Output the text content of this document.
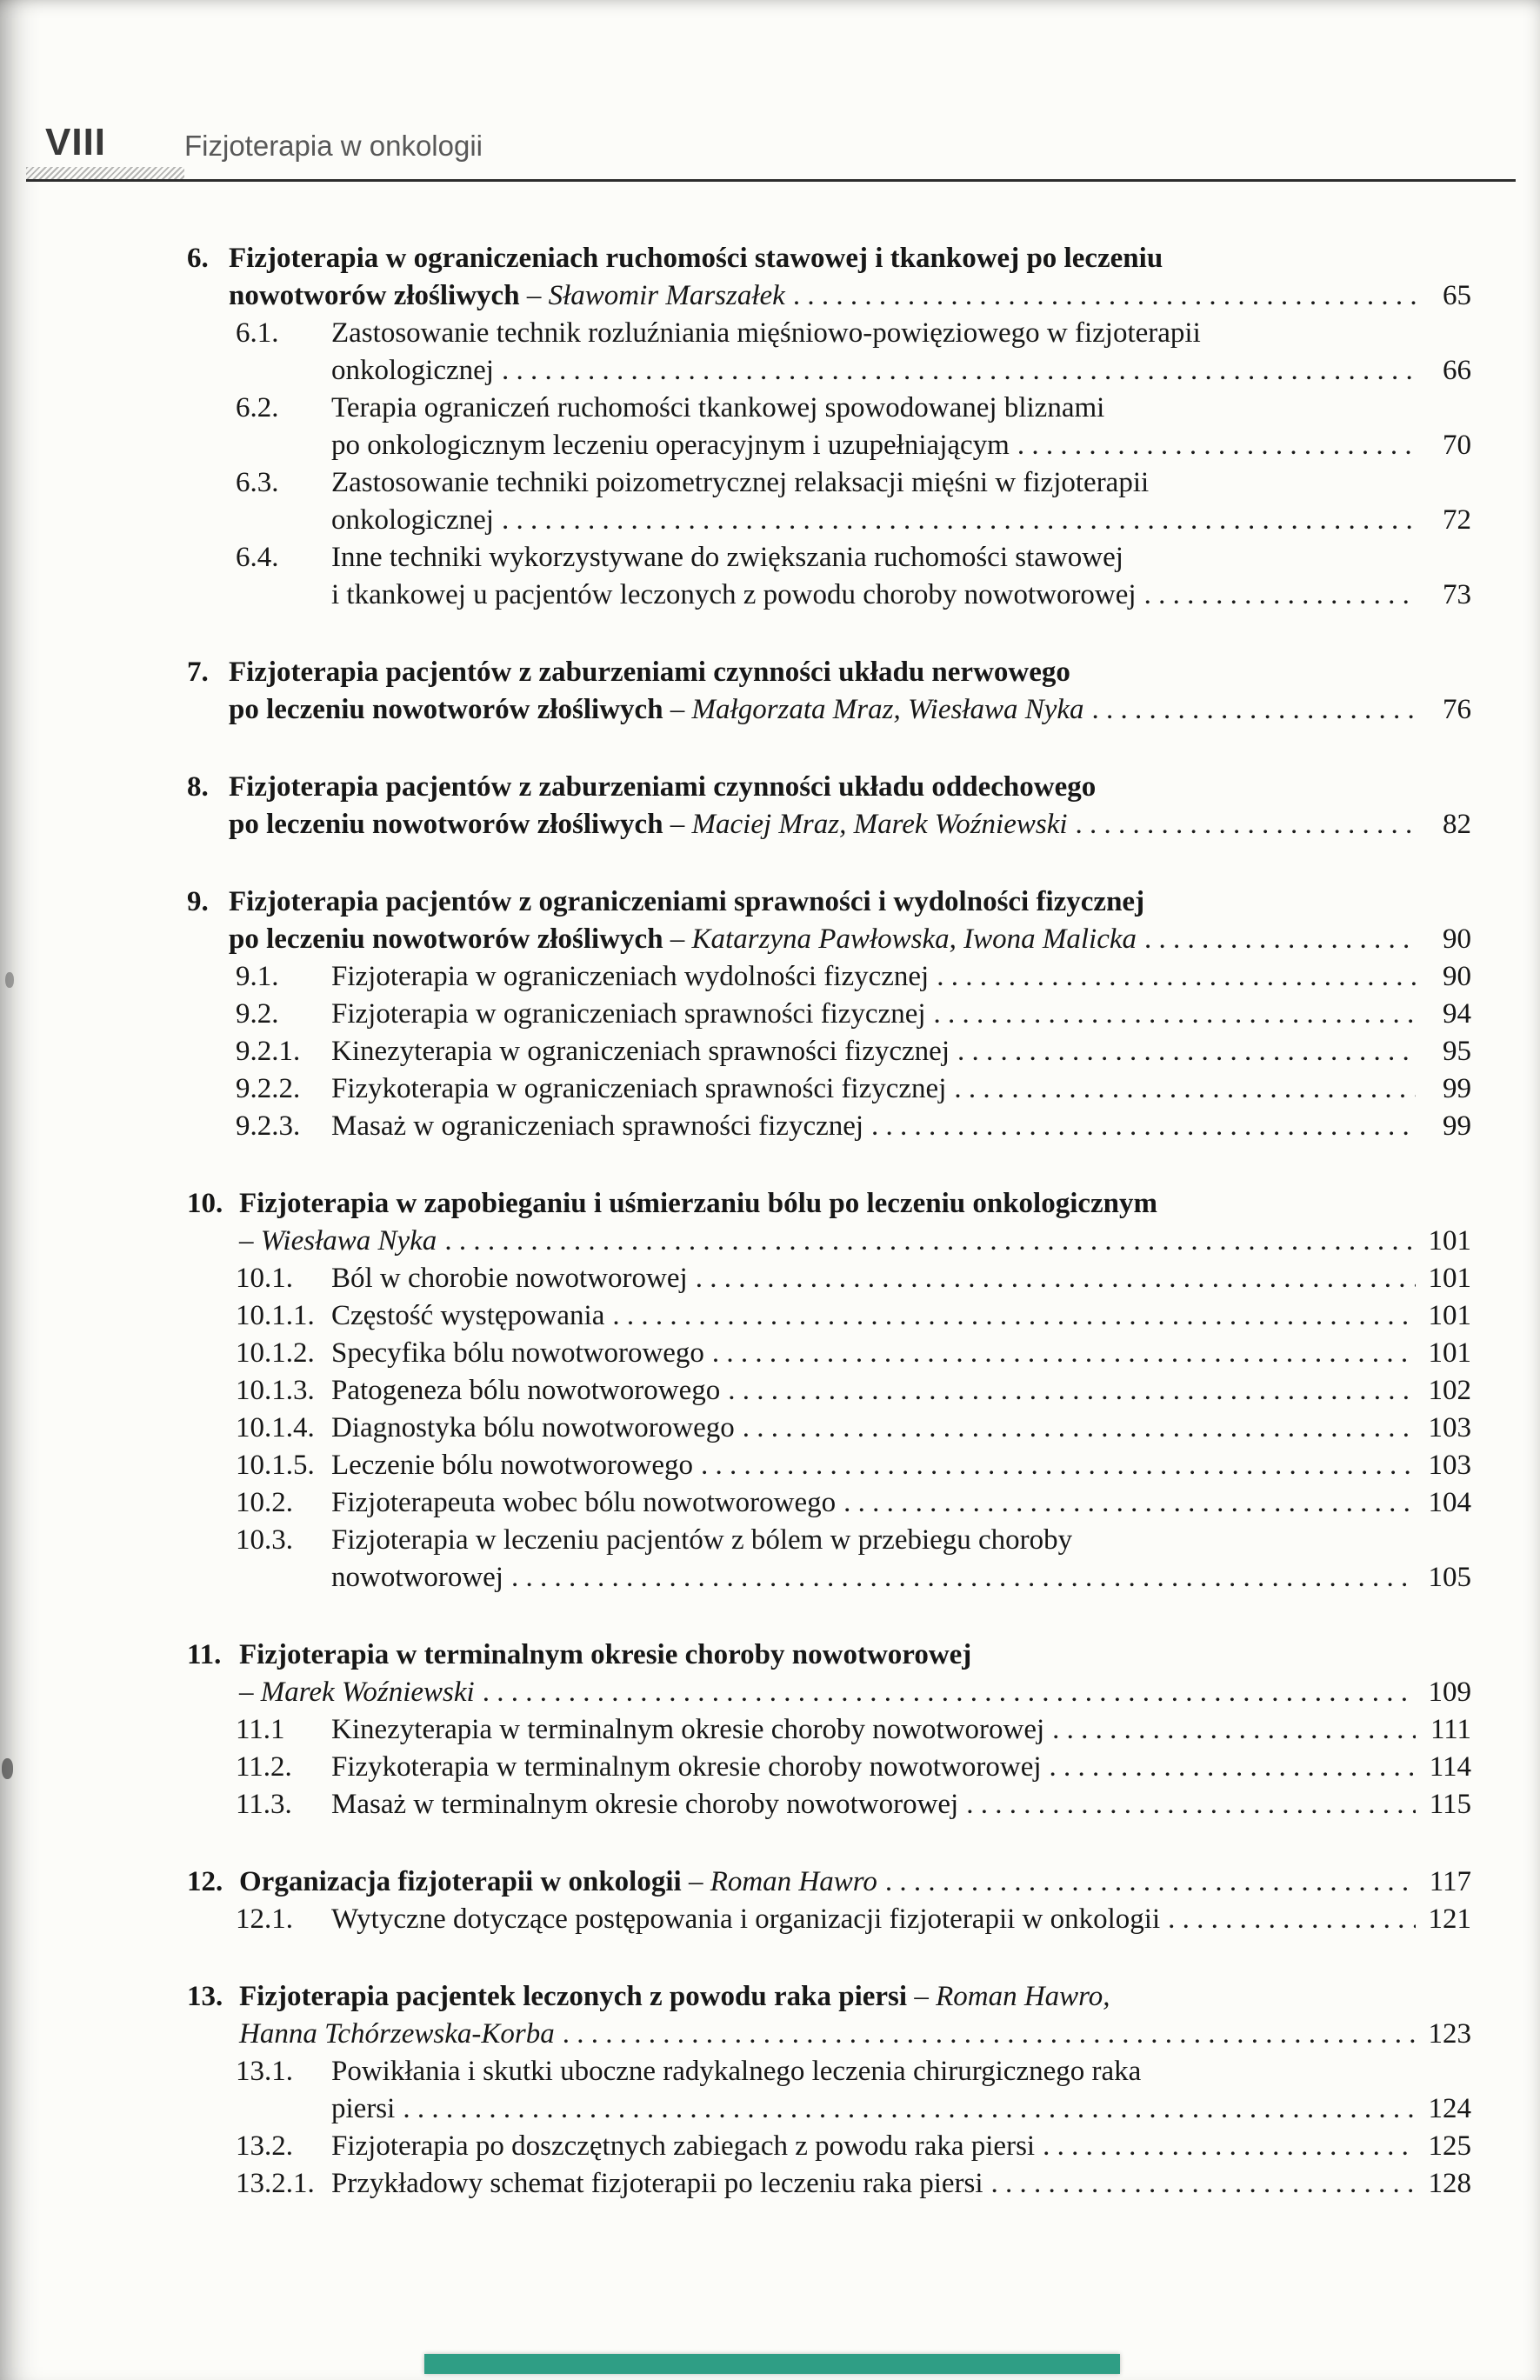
VIII	Fizjoterapia w onkologii
6. Fizjoterapia w ograniczeniach ruchomości stawowej i tkankowej po leczeniu
nowotworów złośliwych – Sławomir Marszałek . . .	65
6.1.	Zastosowanie technik rozluźniania mięśniowo-powięziowego w fizjoterapii
onkologicznej . . .	66
6.2.	Terapia ograniczeń ruchomości tkankowej spowodowanej bliznami
po onkologicznym leczeniu operacyjnym i uzupełniającym . . .	70
6.3.	Zastosowanie techniki poizometrycznej relaksacji mięśni w fizjoterapii
onkologicznej . . .	72
6.4.	Inne techniki wykorzystywane do zwiększania ruchomości stawowej
i tkankowej u pacjentów leczonych z powodu choroby nowotworowej . . .	73
7. Fizjoterapia pacjentów z zaburzeniami czynności układu nerwowego
po leczeniu nowotworów złośliwych – Małgorzata Mraz, Wiesława Nyka . . .	76
8. Fizjoterapia pacjentów z zaburzeniami czynności układu oddechowego
po leczeniu nowotworów złośliwych – Maciej Mraz, Marek Woźniewski . . .	82
9. Fizjoterapia pacjentów z ograniczeniami sprawności i wydolności fizycznej
po leczeniu nowotworów złośliwych – Katarzyna Pawłowska, Iwona Malicka . . .	90
9.1.	Fizjoterapia w ograniczeniach wydolności fizycznej . . .	90
9.2.	Fizjoterapia w ograniczeniach sprawności fizycznej . . .	94
9.2.1.	Kinezyterapia w ograniczeniach sprawności fizycznej . . .	95
9.2.2.	Fizykoterapia w ograniczeniach sprawności fizycznej . . .	99
9.2.3.	Masaż w ograniczeniach sprawności fizycznej . . .	99
10. Fizjoterapia w zapobieganiu i uśmierzaniu bólu po leczeniu onkologicznym
– Wiesława Nyka . . .	101
10.1.	Ból w chorobie nowotworowej . . .	101
10.1.1. Częstość występowania . . .	101
10.1.2. Specyfika bólu nowotworowego . . .	101
10.1.3. Patogeneza bólu nowotworowego . . .	102
10.1.4. Diagnostyka bólu nowotworowego . . .	103
10.1.5. Leczenie bólu nowotworowego . . .	103
10.2.	Fizjoterapeuta wobec bólu nowotworowego . . .	104
10.3.	Fizjoterapia w leczeniu pacjentów z bólem w przebiegu choroby
nowotworowej . . .	105
11. Fizjoterapia w terminalnym okresie choroby nowotworowej
– Marek Woźniewski . . .	109
11.1	Kinezyterapia w terminalnym okresie choroby nowotworowej . . .	111
11.2.	Fizykoterapia w terminalnym okresie choroby nowotworowej . . .	114
11.3.	Masaż w terminalnym okresie choroby nowotworowej . . .	115
12. Organizacja fizjoterapii w onkologii – Roman Hawro . . .	117
12.1.	Wytyczne dotyczące postępowania i organizacji fizjoterapii w onkologii . . .	121
13. Fizjoterapia pacjentek leczonych z powodu raka piersi – Roman Hawro,
Hanna Tchórzewska-Korba . . .	123
13.1.	Powikłania i skutki uboczne radykalnego leczenia chirurgicznego raka
piersi . . .	124
13.2.	Fizjoterapia po doszczętnych zabiegach z powodu raka piersi . . .	125
13.2.1. Przykładowy schemat fizjoterapii po leczeniu raka piersi . . .	128
